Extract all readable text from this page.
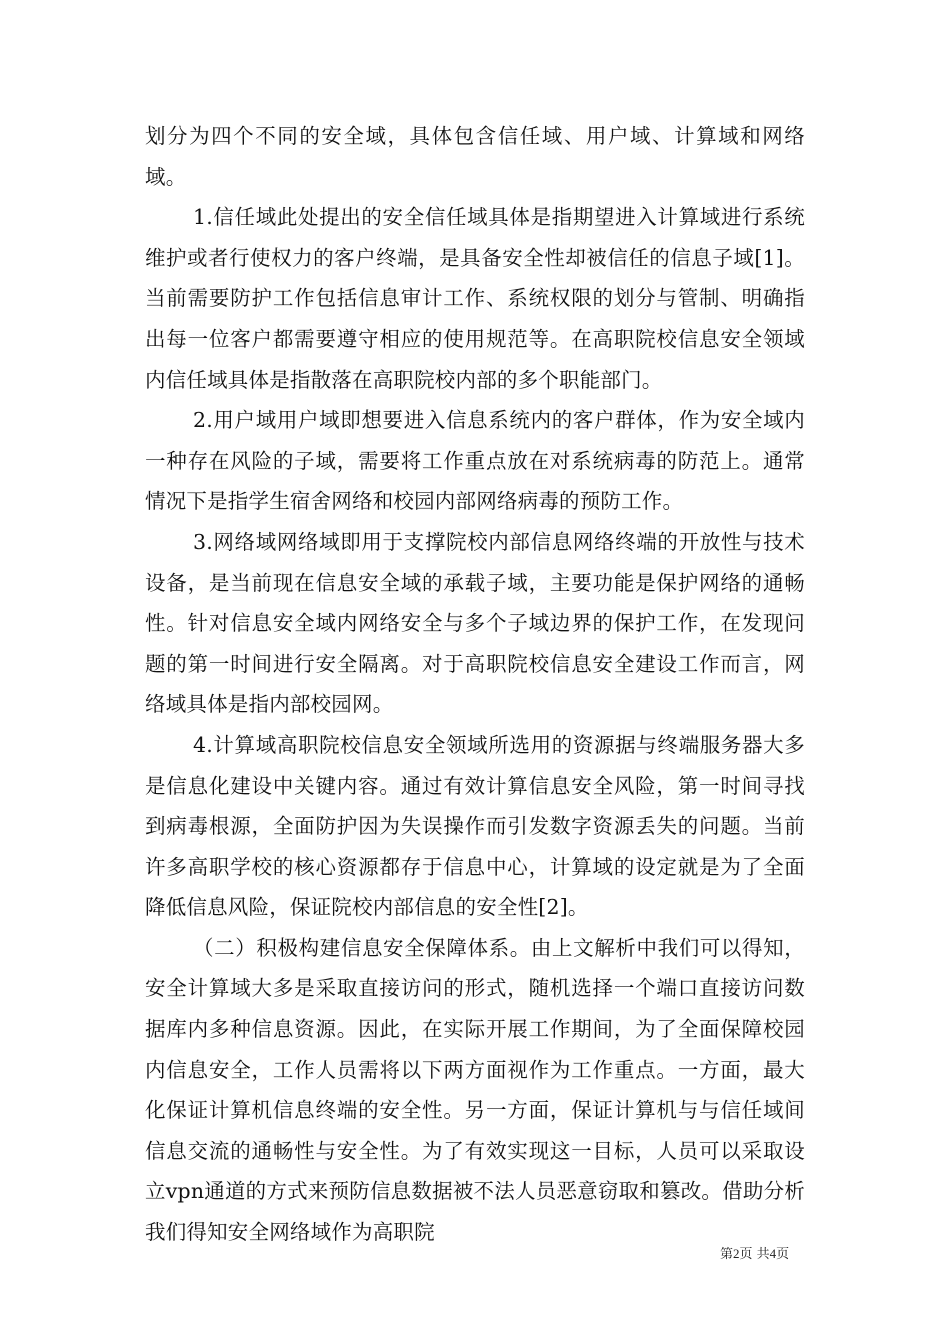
划分为四个不同的安全域，具体包含信任域、用户域、计算域和网络域。

1.信任域此处提出的安全信任域具体是指期望进入计算域进行系统维护或者行使权力的客户终端，是具备安全性却被信任的信息子域[1]。当前需要防护工作包括信息审计工作、系统权限的划分与管制、明确指出每一位客户都需要遵守相应的使用规范等。在高职院校信息安全领域内信任域具体是指散落在高职院校内部的多个职能部门。

2.用户域用户域即想要进入信息系统内的客户群体，作为安全域内一种存在风险的子域，需要将工作重点放在对系统病毒的防范上。通常情况下是指学生宿舍网络和校园内部网络病毒的预防工作。

3.网络域网络域即用于支撑院校内部信息网络终端的开放性与技术设备，是当前现在信息安全域的承载子域，主要功能是保护网络的通畅性。针对信息安全域内网络安全与多个子域边界的保护工作，在发现问题的第一时间进行安全隔离。对于高职院校信息安全建设工作而言，网络域具体是指内部校园网。

4.计算域高职院校信息安全领域所选用的资源据与终端服务器大多是信息化建设中关键内容。通过有效计算信息安全风险，第一时间寻找到病毒根源，全面防护因为失误操作而引发数字资源丢失的问题。当前许多高职学校的核心资源都存于信息中心，计算域的设定就是为了全面降低信息风险，保证院校内部信息的安全性[2]。

（二）积极构建信息安全保障体系。由上文解析中我们可以得知，安全计算域大多是采取直接访问的形式，随机选择一个端口直接访问数据库内多种信息资源。因此，在实际开展工作期间，为了全面保障校园内信息安全，工作人员需将以下两方面视作为工作重点。一方面，最大化保证计算机信息终端的安全性。另一方面，保证计算机与与信任域间信息交流的通畅性与安全性。为了有效实现这一目标，人员可以采取设立vpn通道的方式来预防信息数据被不法人员恶意窃取和篡改。借助分析我们得知安全网络域作为高职院

第2页 共4页
